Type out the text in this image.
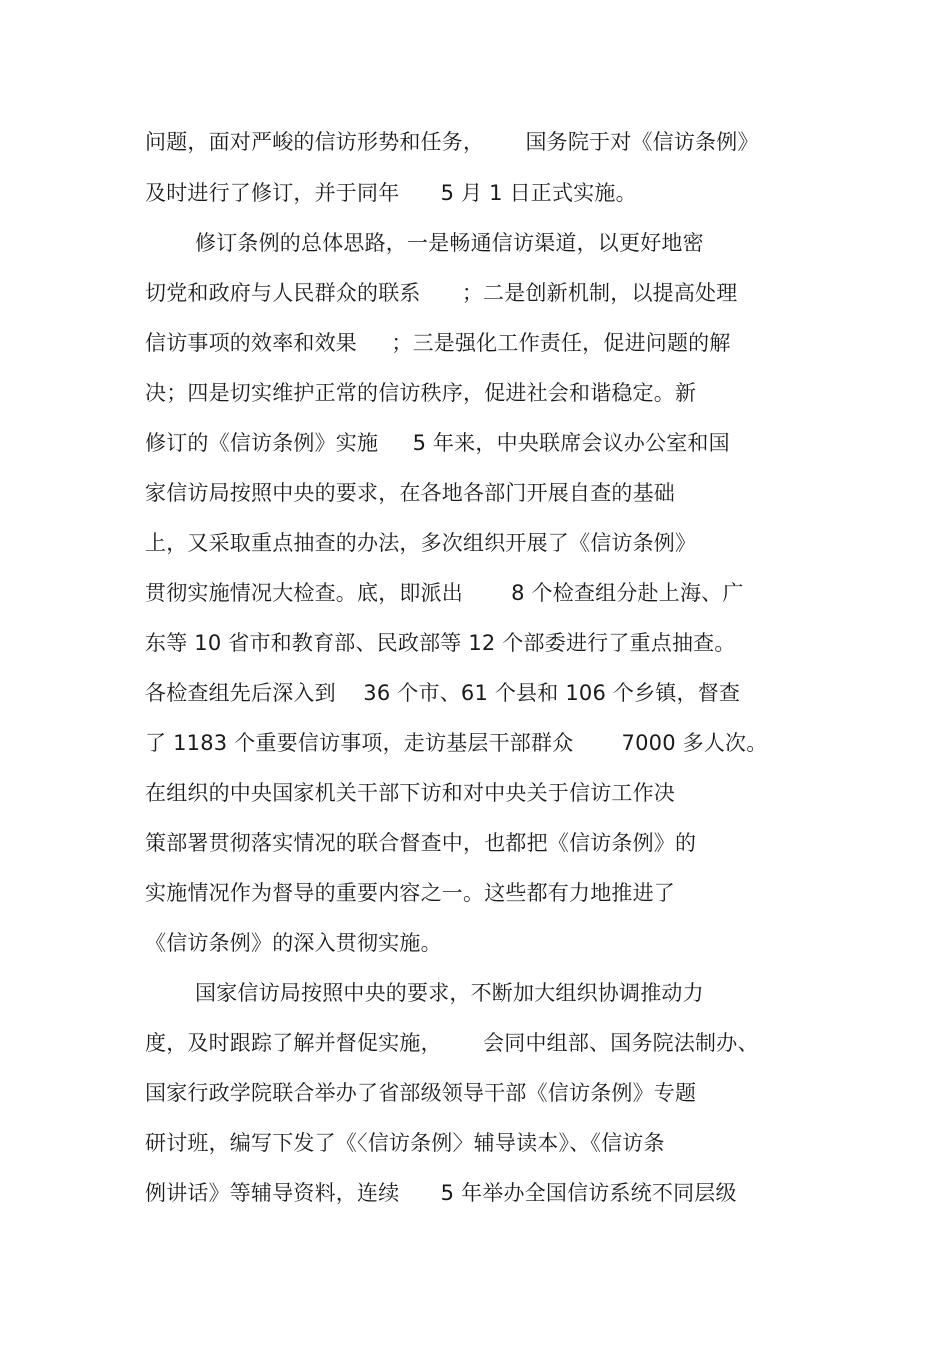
问题，面对严峻的信访形势和任务，      国务院于对《信访条例》
及时进行了修订，并于同年      5 月 1 日正式实施。
修订条例的总体思路，一是畅通信访渠道，以更好地密
切党和政府与人民群众的联系      ；二是创新机制，以提高处理
信访事项的效率和效果     ；三是强化工作责任，促进问题的解
决；四是切实维护正常的信访秩序，促进社会和谐稳定。新
修订的《信访条例》实施     5 年来，中央联席会议办公室和国
家信访局按照中央的要求，在各地各部门开展自查的基础
上，又采取重点抽查的办法，多次组织开展了《信访条例》
贯彻实施情况大检查。底，即派出       8 个检查组分赴上海、广
东等 10 省市和教育部、民政部等 12 个部委进行了重点抽查。
各检查组先后深入到    36 个市、61 个县和 106 个乡镇，督查
了 1183 个重要信访事项，走访基层干部群众       7000 多人次。
在组织的中央国家机关干部下访和对中央关于信访工作决
策部署贯彻落实情况的联合督查中，也都把《信访条例》的
实施情况作为督导的重要内容之一。这些都有力地推进了
《信访条例》的深入贯彻实施。
国家信访局按照中央的要求，不断加大组织协调推动力
度，及时跟踪了解并督促实施，      会同中组部、国务院法制办、
国家行政学院联合举办了省部级领导干部《信访条例》专题
研讨班，编写下发了《〈信访条例〉辅导读本》、《信访条
例讲话》等辅导资料，连续      5 年举办全国信访系统不同层级
